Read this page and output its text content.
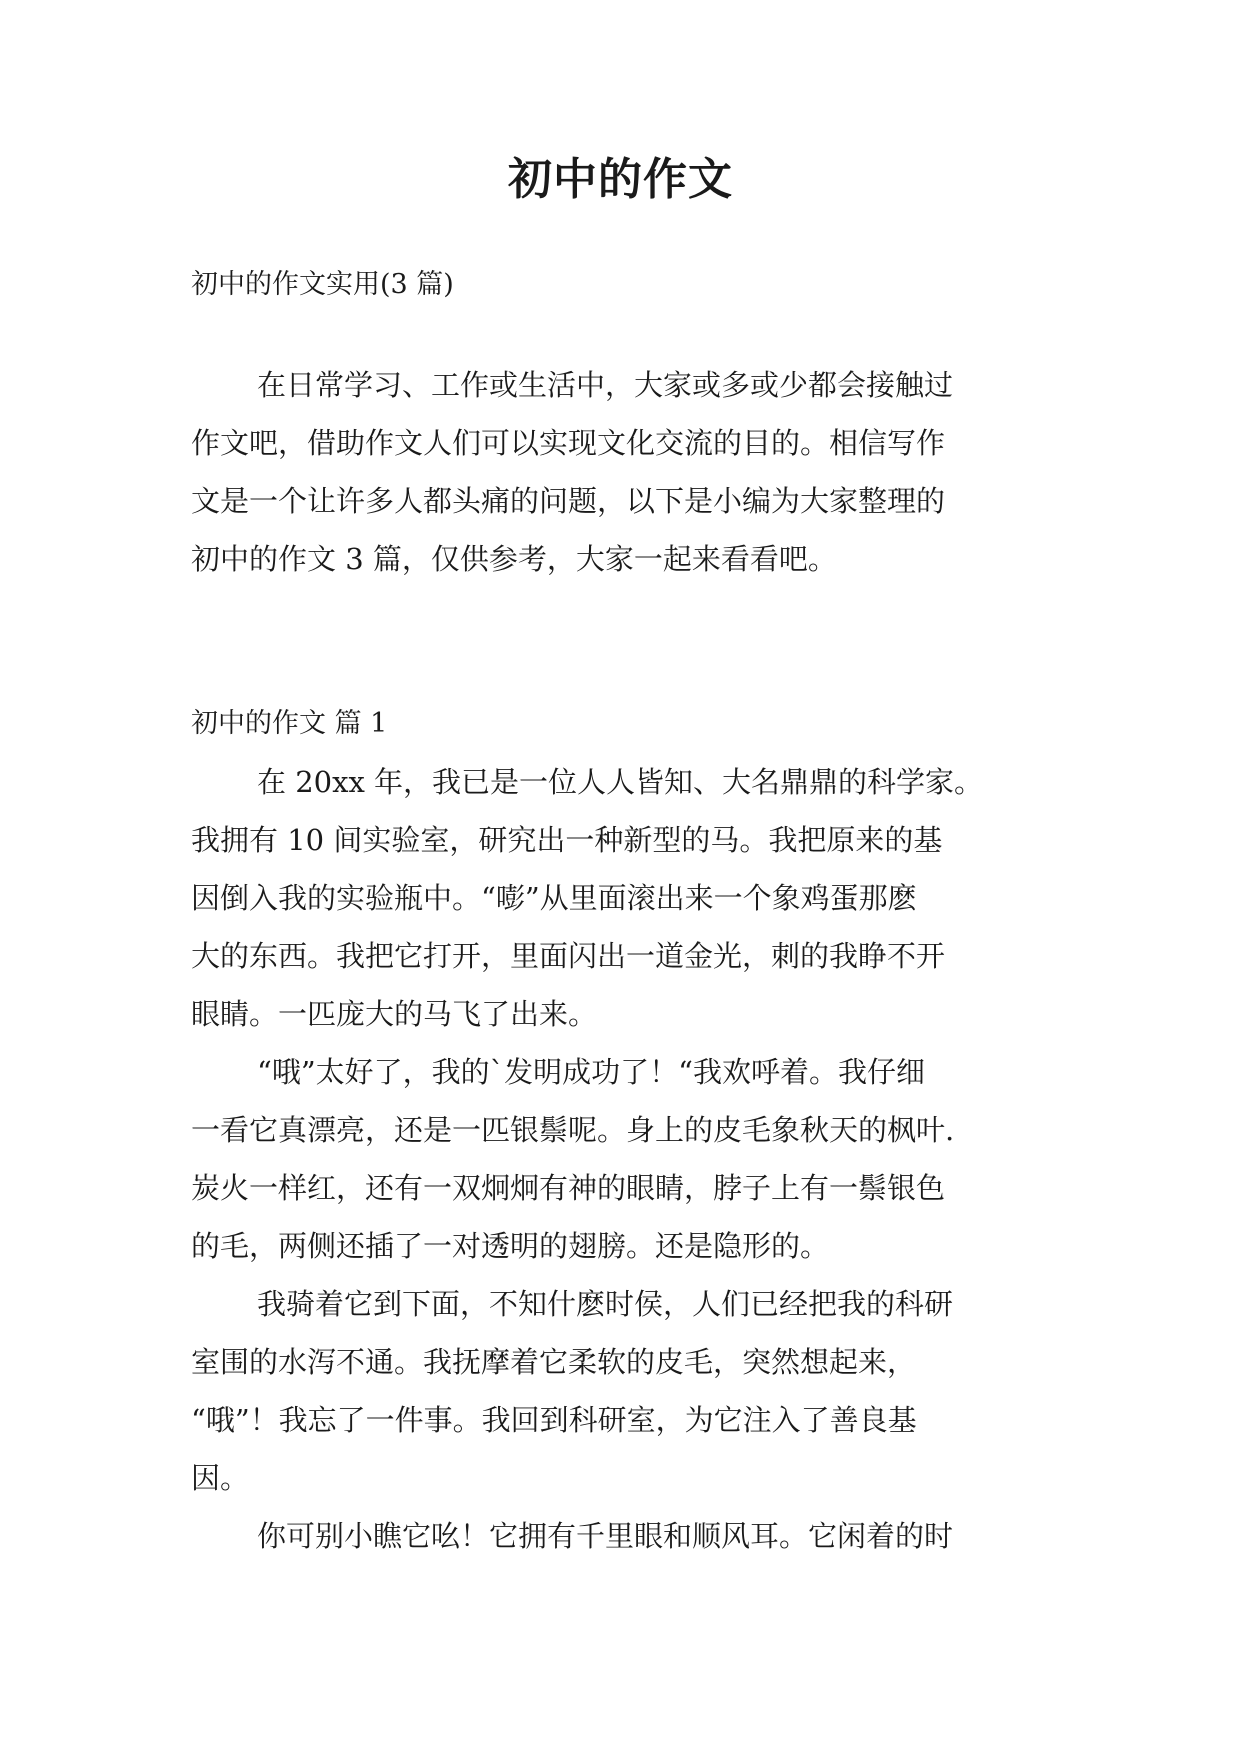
初中的作文
初中的作文实用(3 篇)
在日常学习、工作或生活中，大家或多或少都会接触过
作文吧，借助作文人们可以实现文化交流的目的。相信写作
文是一个让许多人都头痛的问题，以下是小编为大家整理的
初中的作文 3 篇，仅供参考，大家一起来看看吧。
初中的作文 篇 1
在 20xx 年，我已是一位人人皆知、大名鼎鼎的科学家。
我拥有 10 间实验室，研究出一种新型的马。我把原来的基
因倒入我的实验瓶中。“嘭”从里面滚出来一个象鸡蛋那麽
大的东西。我把它打开，里面闪出一道金光，刺的我睁不开
眼睛。一匹庞大的马飞了出来。
“哦”太好了，我的`发明成功了！“我欢呼着。我仔细
一看它真漂亮，还是一匹银鬃呢。身上的皮毛象秋天的枫叶.
炭火一样红，还有一双炯炯有神的眼睛，脖子上有一鬃银色
的毛，两侧还插了一对透明的翅膀。还是隐形的。
我骑着它到下面，不知什麽时侯，人们已经把我的科研
室围的水泻不通。我抚摩着它柔软的皮毛，突然想起来，
“哦”！我忘了一件事。我回到科研室，为它注入了善良基
因。
你可别小瞧它吆！它拥有千里眼和顺风耳。它闲着的时
